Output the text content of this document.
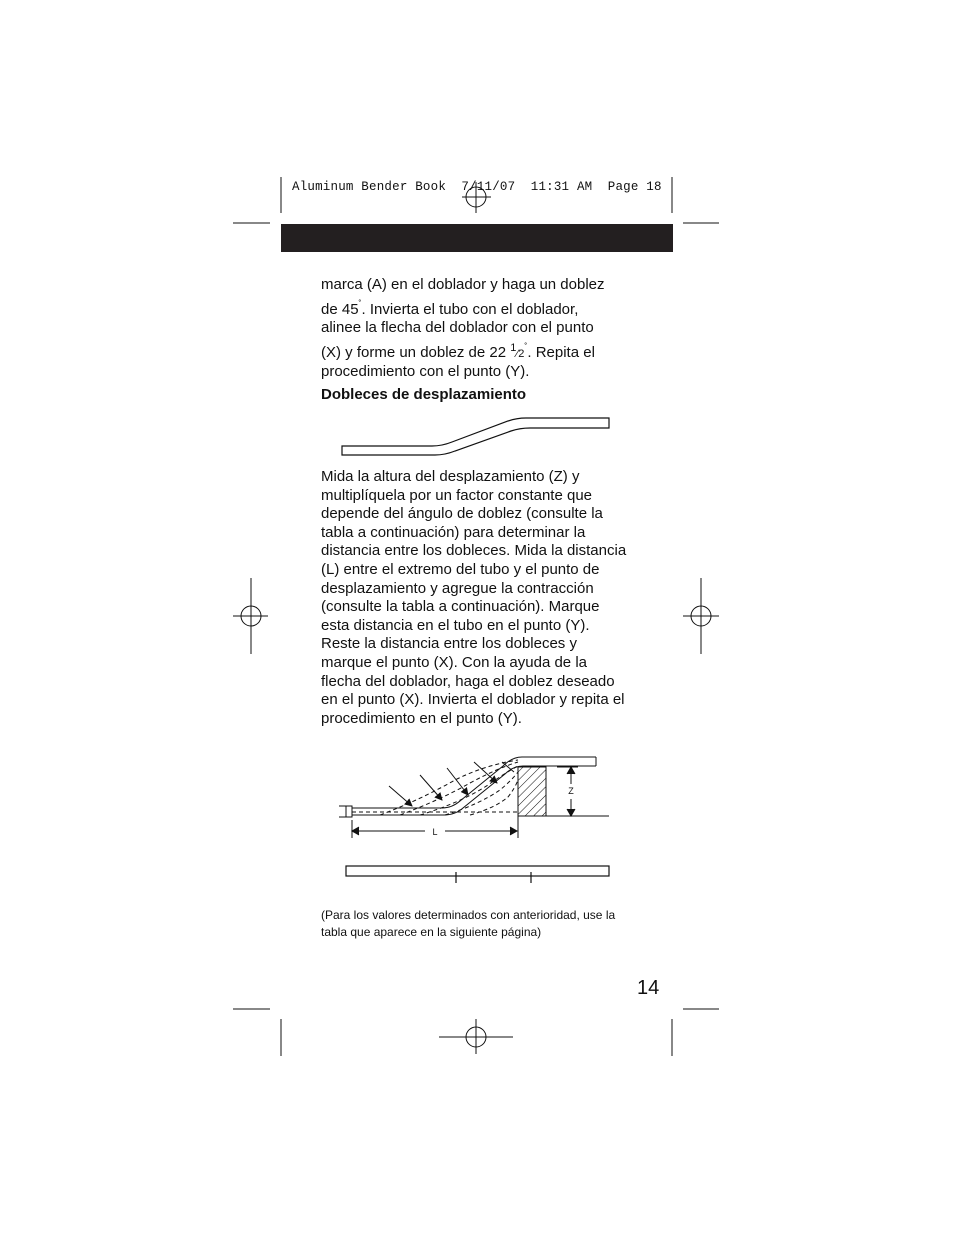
Aluminum Bender Book  7/11/07  11:31 AM  Page 18

marca (A) en el doblador y haga un doblez
de 45˚. Invierta el tubo con el doblador,
alinee la flecha del doblador con el punto
(X) y forme un doblez de 22 $^1$⁄2˚. Repita el
procedimiento con el punto (Y).

Dobleces de desplazamiento

Mida la altura del desplazamiento (Z) y
multiplíquela por un factor constante que
depende del ángulo de doblez (consulte la
tabla a continuación) para determinar la
distancia entre los dobleces. Mida la distancia
(L) entre el extremo del tubo y el punto de
desplazamiento y agregue la contracción
(consulte la tabla a continuación). Marque
esta distancia en el tubo en el punto (Y).
Reste la distancia entre los dobleces y
marque el punto (X). Con la ayuda de la
flecha del doblador, haga el doblez deseado
en el punto (X). Invierta el doblador y repita el
procedimiento en el punto (Y).

Z
L

(Para los valores determinados con anterioridad, use la
tabla que aparece en la siguiente página)

14
